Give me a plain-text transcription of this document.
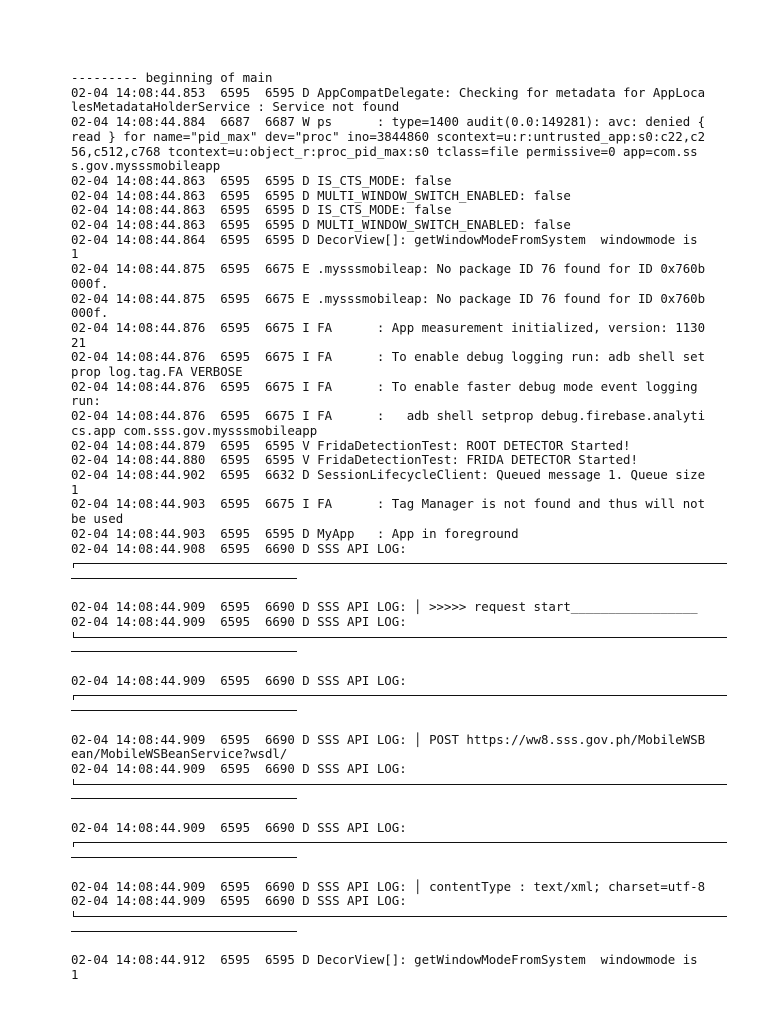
--------- beginning of main
02-04 14:08:44.853  6595  6595 D AppCompatDelegate: Checking for metadata for AppLocalesMetadataHolderService : Service not found
02-04 14:08:44.884  6687  6687 W ps      : type=1400 audit(0.0:149281): avc: denied { read } for name="pid_max" dev="proc" ino=3844860 scontext=u:r:untrusted_app:s0:c22,c256,c512,c768 tcontext=u:object_r:proc_pid_max:s0 tclass=file permissive=0 app=com.sss.gov.mysssmobileapp
02-04 14:08:44.863  6595  6595 D IS_CTS_MODE: false
02-04 14:08:44.863  6595  6595 D MULTI_WINDOW_SWITCH_ENABLED: false
02-04 14:08:44.863  6595  6595 D IS_CTS_MODE: false
02-04 14:08:44.863  6595  6595 D MULTI_WINDOW_SWITCH_ENABLED: false
02-04 14:08:44.864  6595  6595 D DecorView[]: getWindowModeFromSystem  windowmode is 1
02-04 14:08:44.875  6595  6675 E .mysssmobileap: No package ID 76 found for ID 0x760b000f.
02-04 14:08:44.875  6595  6675 E .mysssmobileap: No package ID 76 found for ID 0x760b000f.
02-04 14:08:44.876  6595  6675 I FA      : App measurement initialized, version: 113021
02-04 14:08:44.876  6595  6675 I FA      : To enable debug logging run: adb shell setprop log.tag.FA VERBOSE
02-04 14:08:44.876  6595  6675 I FA      : To enable faster debug mode event logging run:
02-04 14:08:44.876  6595  6675 I FA      :   adb shell setprop debug.firebase.analytics.app com.sss.gov.mysssmobileapp
02-04 14:08:44.879  6595  6595 V FridaDetectionTest: ROOT DETECTOR Started!
02-04 14:08:44.880  6595  6595 V FridaDetectionTest: FRIDA DETECTOR Started!
02-04 14:08:44.902  6595  6632 D SessionLifecycleClient: Queued message 1. Queue size 1
02-04 14:08:44.903  6595  6675 I FA      : Tag Manager is not found and thus will not be used
02-04 14:08:44.903  6595  6595 D MyApp   : App in foreground
02-04 14:08:44.908  6595  6690 D SSS API LOG:
02-04 14:08:44.909  6595  6690 D SSS API LOG: │ >>>>> request start_________________
02-04 14:08:44.909  6595  6690 D SSS API LOG:
02-04 14:08:44.909  6595  6690 D SSS API LOG:
02-04 14:08:44.909  6595  6690 D SSS API LOG: │ POST https://ww8.sss.gov.ph/MobileWSBean/MobileWSBeanService?wsdl/
02-04 14:08:44.909  6595  6690 D SSS API LOG:
02-04 14:08:44.909  6595  6690 D SSS API LOG:
02-04 14:08:44.909  6595  6690 D SSS API LOG: │ contentType : text/xml; charset=utf-8
02-04 14:08:44.909  6595  6690 D SSS API LOG:
02-04 14:08:44.912  6595  6595 D DecorView[]: getWindowModeFromSystem  windowmode is 1
